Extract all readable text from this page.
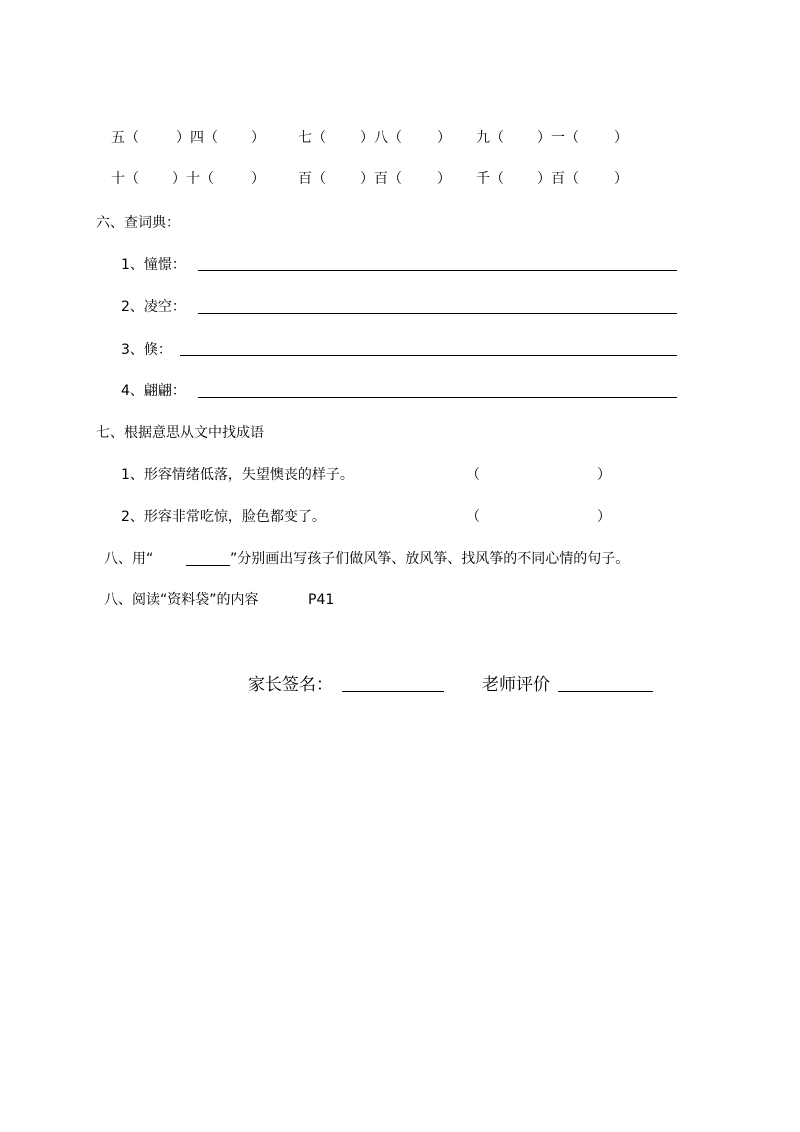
五（	）四（ ） 七（ ）八（	） 九（ ）一（	）
十（ ）十（	） 百（ ）百（	） 千（ ）百（	）
六、查词典：
1、憧憬：
2、凌空：
3、倏：
4、翩翩：
七、根据意思从文中找成语
1、形容情绪低落，失望懊丧的样子。	（	）
2、形容非常吃惊，脸色都变了。	（	）
八、用“	”分别画出写孩子们做风筝、放风筝、找风筝的不同心情的句子。
八、阅读“资料袋”的内容	P41
家长签名：	老师评价
